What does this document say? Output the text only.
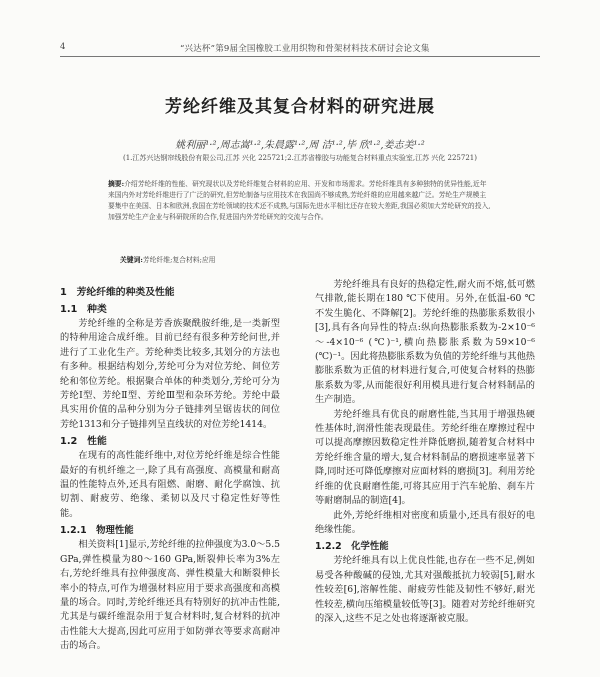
4	“兴达杯”第9届全国橡胶工业用织物和骨架材料技术研讨会论文集
芳纶纤维及其复合材料的研究进展
姚利丽¹·²,周志嵩¹·²,朱晨露¹·²,周 洁¹·²,毕 欣¹·²,姜志美¹·²
(1.江苏兴达钢帘线股份有限公司,江苏 兴化 225721;2.江苏省橡胶与功能复合材料重点实验室,江苏 兴化 225721)
摘要:介绍芳纶纤维的性能、研究现状以及芳纶纤维复合材料的应用、开发和市场需求。芳纶纤维具有多种独特的优异性能,近年来国内外对芳纶纤维进行了广泛的研究,但芳纶制备与应用技术在我国尚不够成熟,芳纶纤维的应用越来越广泛。芳纶生产规模主要集中在美国、日本和欧洲,我国在芳纶领域的技术还不成熟,与国际先进水平相比还存在较大差距,我国必须加大芳纶研究的投入,加强芳纶生产企业与科研院所的合作,促进国内外芳纶研究的交流与合作。
关键词:芳纶纤维;复合材料;应用
1　芳纶纤维的种类及性能
1.1　种类

芳纶纤维的全称是芳香族聚酰胺纤维,是一类新型的特种用途合成纤维。目前已经有很多种芳纶问世,并进行了工业化生产。芳纶种类比较多,其划分的方法也有多种。根据结构划分,芳纶可分为对位芳纶、间位芳纶和邻位芳纶。根据聚合单体的种类划分,芳纶可分为芳纶Ⅰ型、芳纶Ⅱ型、芳纶Ⅲ型和杂环芳纶。芳纶中最具实用价值的品种分别为分子链排列呈锯齿状的间位芳纶1313和分子链排列呈直线状的对位芳纶1414。

1.2　性能

在现有的高性能纤维中,对位芳纶纤维是综合性能最好的有机纤维之一,除了具有高强度、高模量和耐高温的性能特点外,还具有阻燃、耐磨、耐化学腐蚀、抗切割、耐疲劳、绝缘、柔韧以及尺寸稳定性好等性能。

1.2.1　物理性能

相关资料[1]显示,芳纶纤维的拉伸强度为3.0～5.5 GPa,弹性模量为80～160 GPa,断裂伸长率为3%左右,芳纶纤维具有拉伸强度高、弹性模量大和断裂伸长率小的特点,可作为增强材料应用于要求高强度和高模量的场合。同时,芳纶纤维还具有特别好的抗冲击性能,尤其是与碳纤维混杂用于复合材料时,复合材料的抗冲击性能大大提高,因此可应用于如防弹衣等要求高耐冲击的场合。

芳纶纤维具有良好的热稳定性,耐火而不熔,低可燃气排散,能长期在180 ℃下使用。另外,在低温-60 ℃不发生脆化、不降解[2]。芳纶纤维的热膨胀系数很小[3],具有各向异性的特点:纵向热膨胀系数为-2×10⁻⁶～-4×10⁻⁶ (℃)⁻¹,横向热膨胀系数为59×10⁻⁶ (℃)⁻¹。因此将热膨胀系数为负值的芳纶纤维与其他热膨胀系数为正值的材料进行复合,可使复合材料的热膨胀系数为零,从而能很好利用模具进行复合材料制品的生产制造。

芳纶纤维具有优良的耐磨性能,当其用于增强热硬性基体时,润滑性能表现最佳。芳纶纤维在摩擦过程中可以提高摩擦因数稳定性并降低磨损,随着复合材料中芳纶纤维含量的增大,复合材料制品的磨损速率显著下降,同时还可降低摩擦对应面材料的磨损[3]。利用芳纶纤维的优良耐磨性能,可将其应用于汽车轮胎、刹车片等耐磨制品的制造[4]。

此外,芳纶纤维相对密度和质量小,还具有很好的电绝缘性能。

1.2.2　化学性能

芳纶纤维具有以上优良性能,也存在一些不足,例如易受各种酸碱的侵蚀,尤其对强酸抵抗力较弱[5],耐水性较差[6],溶解性能、耐疲劳性能及韧性不够好,耐光性较差,横向压缩模量较低等[3]。随着对芳纶纤维研究的深入,这些不足之处也将逐渐被克服。
